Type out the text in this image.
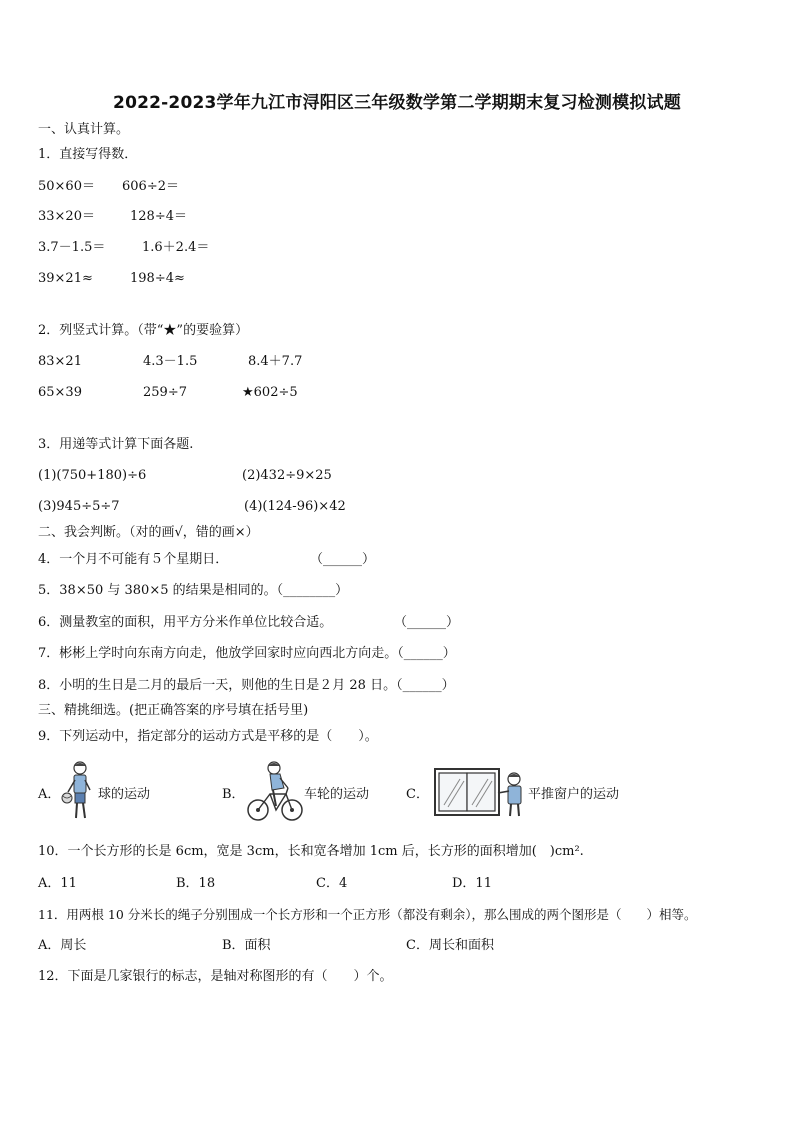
2022-2023学年九江市浔阳区三年级数学第二学期期末复习检测模拟试题
一、认真计算。
1．直接写得数．
50×60＝ 606÷2＝
33×20＝	128÷4＝
3.7－1.5＝	1.6＋2.4＝
39×21≈	198÷4≈
2．列竖式计算。（带“★”的要验算）
83×21	4.3－1.5	8.4＋7.7
65×39	259÷7	★602÷5
3．用递等式计算下面各题.
(1)(750+180)÷6	(2)432÷9×25
(3)945÷5÷7	(4)(124-96)×42
二、我会判断。（对的画√，错的画×）
4．一个月不可能有５个星期日．	（______）
5．38×50 与 380×5 的结果是相同的。（________）
6．测量教室的面积，用平方分米作单位比较合适。	（______）
7．彬彬上学时向东南方向走，他放学回家时应向西北方向走。（______）
8．小明的生日是二月的最后一天，则他的生日是２月 28 日。（______）
三、精挑细选。(把正确答案的序号填在括号里)
9．下列运动中，指定部分的运动方式是平移的是（　　）。
A．	球的运动	B．	车轮的运动	C．	平推窗户的运动
10．一个长方形的长是 6cm，宽是 3cm，长和宽各增加 1cm 后，长方形的面积增加(　)cm².
A．11	B．18	C．4	D．11
11．用两根 10 分米长的绳子分别围成一个长方形和一个正方形（都没有剩余），那么围成的两个图形是（　　）相等。
A．周长	B．面积	C．周长和面积
12．下面是几家银行的标志，是轴对称图形的有（　　）个。
